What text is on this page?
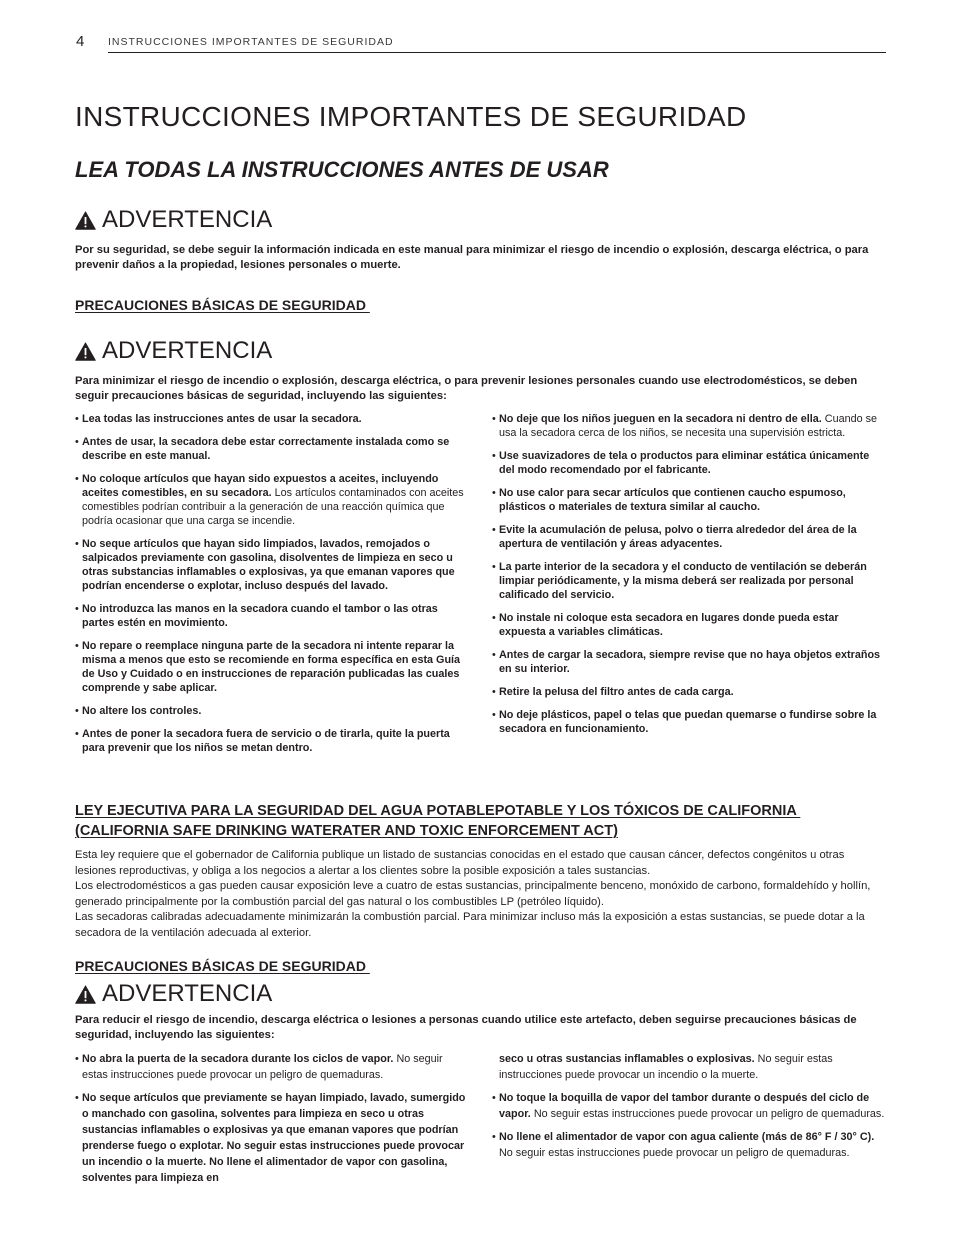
4 INSTRUCCIONES IMPORTANTES DE SEGURIDAD
INSTRUCCIONES IMPORTANTES DE SEGURIDAD
LEA TODAS LA INSTRUCCIONES ANTES DE USAR
ADVERTENCIA

Por su seguridad, se debe seguir la información indicada en este manual para minimizar el riesgo de incendio o explosión, descarga eléctrica, o para prevenir daños a la propiedad, lesiones personales o muerte.

PRECAUCIONES BÁSICAS DE SEGURIDAD
ADVERTENCIA

Para minimizar el riesgo de incendio o explosión, descarga eléctrica, o para prevenir lesiones personales cuando use electrodomésticos, se deben seguir precauciones básicas de seguridad, incluyendo las siguientes:

• Lea todas las instrucciones antes de usar la secadora.
• Antes de usar, la secadora debe estar correctamente instalada como se describe en este manual.
• No coloque artículos que hayan sido expuestos a aceites, incluyendo aceites comestibles, en su secadora. Los artículos contaminados con aceites comestibles podrían contribuir a la generación de una reacción química que podría ocasionar que una carga se incendie.
• No seque artículos que hayan sido limpiados, lavados, remojados o salpicados previamente con gasolina, disolventes de limpieza en seco u otras substancias inflamables o explosivas, ya que emanan vapores que podrían encenderse o explotar, incluso después del lavado.
• No introduzca las manos en la secadora cuando el tambor o las otras partes estén en movimiento.
• No repare o reemplace ninguna parte de la secadora ni intente reparar la misma a menos que esto se recomiende en forma específica en esta Guía de Uso y Cuidado o en instrucciones de reparación publicadas las cuales comprende y sabe aplicar.
• No altere los controles.
• Antes de poner la secadora fuera de servicio o de tirarla, quite la puerta para prevenir que los niños se metan dentro.
• No deje que los niños jueguen en la secadora ni dentro de ella. Cuando se usa la secadora cerca de los niños, se necesita una supervisión estricta.
• Use suavizadores de tela o productos para eliminar estática únicamente del modo recomendado por el fabricante.
• No use calor para secar artículos que contienen caucho espumoso, plásticos o materiales de textura similar al caucho.
• Evite la acumulación de pelusa, polvo o tierra alrededor del área de la apertura de ventilación y áreas adyacentes.
• La parte interior de la secadora y el conducto de ventilación se deberán limpiar periódicamente, y la misma deberá ser realizada por personal calificado del servicio.
• No instale ni coloque esta secadora en lugares donde pueda estar expuesta a variables climáticas.
• Antes de cargar la secadora, siempre revise que no haya objetos extraños en su interior.
• Retire la pelusa del filtro antes de cada carga.
• No deje plásticos, papel o telas que puedan quemarse o fundirse sobre la secadora en funcionamiento.
LEY EJECUTIVA PARA LA SEGURIDAD DEL AGUA POTABLEPOTABLE Y LOS TÓXICOS DE CALIFORNIA
(CALIFORNIA SAFE DRINKING WATERATER AND TOXIC ENFORCEMENT ACT)

Esta ley requiere que el gobernador de California publique un listado de sustancias conocidas en el estado que causan cáncer, defectos congénitos u otras lesiones reproductivas, y obliga a los negocios a alertar a los clientes sobre la posible exposición a tales sustancias.

Los electrodomésticos a gas pueden causar exposición leve a cuatro de estas sustancias, principalmente benceno, monóxido de carbono, formaldehído y hollín, generado principalmente por la combustión parcial del gas natural o los combustibles LP (petróleo líquido).

Las secadoras calibradas adecuadamente minimizarán la combustión parcial. Para minimizar incluso más la exposición a estas sustancias, se puede dotar a la secadora de la ventilación adecuada al exterior.

PRECAUCIONES BÁSICAS DE SEGURIDAD
ADVERTENCIA

Para reducir el riesgo de incendio, descarga eléctrica o lesiones a personas cuando utilice este artefacto, deben seguirse precauciones básicas de seguridad, incluyendo las siguientes:

• No abra la puerta de la secadora durante los ciclos de vapor. No seguir estas instrucciones puede provocar un peligro de quemaduras.
• No seque artículos que previamente se hayan limpiado, lavado, sumergido o manchado con gasolina, solventes para limpieza en seco u otras sustancias inflamables o explosivas ya que emanan vapores que podrían prenderse fuego o explotar. No seguir estas instrucciones puede provocar un incendio o la muerte. No llene el alimentador de vapor con gasolina, solventes para limpieza en
seco u otras sustancias inflamables o explosivas. No seguir estas instrucciones puede provocar un incendio o la muerte.
• No toque la boquilla de vapor del tambor durante o después del ciclo de vapor. No seguir estas instrucciones puede provocar un peligro de quemaduras.
• No llene el alimentador de vapor con agua caliente (más de 86° F / 30° C). No seguir estas instrucciones puede provocar un peligro de quemaduras.
